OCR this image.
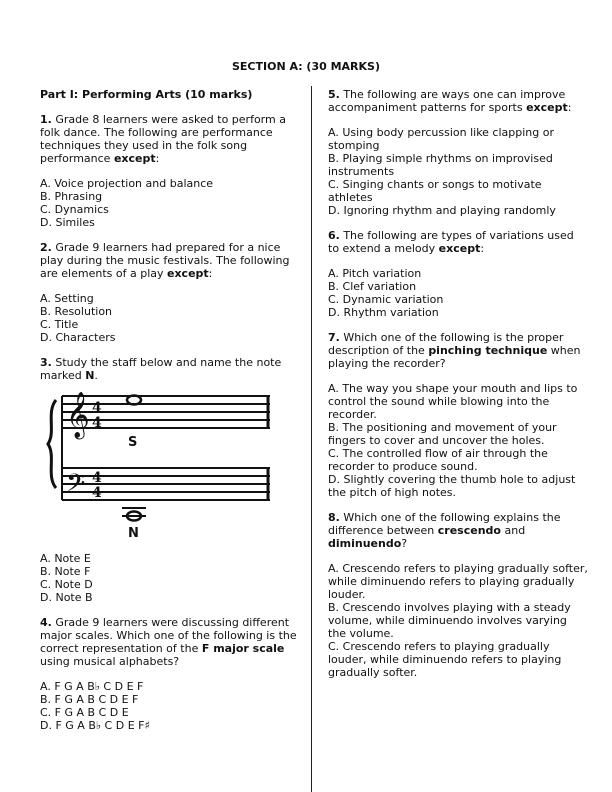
SECTION A: (30 MARKS)
Part I: Performing Arts (10 marks)
1. Grade 8 learners were asked to perform a folk dance. The following are performance techniques they used in the folk song performance except:
A. Voice projection and balance
B. Phrasing
C. Dynamics
D. Similes
2. Grade 9 learners had prepared for a nice play during the music festivals. The following are elements of a play except:
A. Setting
B. Resolution
C. Title
D. Characters
3. Study the staff below and name the note marked N.
𝄞
𝄢
4
4
4
4
S
N
A. Note E
B. Note F
C. Note D
D. Note B
4. Grade 9 learners were discussing different major scales. Which one of the following is the correct representation of the F major scale using musical alphabets?
A. F G A B♭ C D E F
B. F G A B C D E F
C. F G A B C D E
D. F G A B♭ C D E F♯
5. The following are ways one can improve accompaniment patterns for sports except:
A. Using body percussion like clapping or stomping
B. Playing simple rhythms on improvised instruments
C. Singing chants or songs to motivate athletes
D. Ignoring rhythm and playing randomly
6. The following are types of variations used to extend a melody except:
A. Pitch variation
B. Clef variation
C. Dynamic variation
D. Rhythm variation
7. Which one of the following is the proper description of the pinching technique when playing the recorder?
A. The way you shape your mouth and lips to control the sound while blowing into the recorder.
B. The positioning and movement of your fingers to cover and uncover the holes.
C. The controlled flow of air through the recorder to produce sound.
D. Slightly covering the thumb hole to adjust the pitch of high notes.
8. Which one of the following explains the difference between crescendo and diminuendo?
A. Crescendo refers to playing gradually softer, while diminuendo refers to playing gradually louder.
B. Crescendo involves playing with a steady volume, while diminuendo involves varying the volume.
C. Crescendo refers to playing gradually louder, while diminuendo refers to playing gradually softer.
